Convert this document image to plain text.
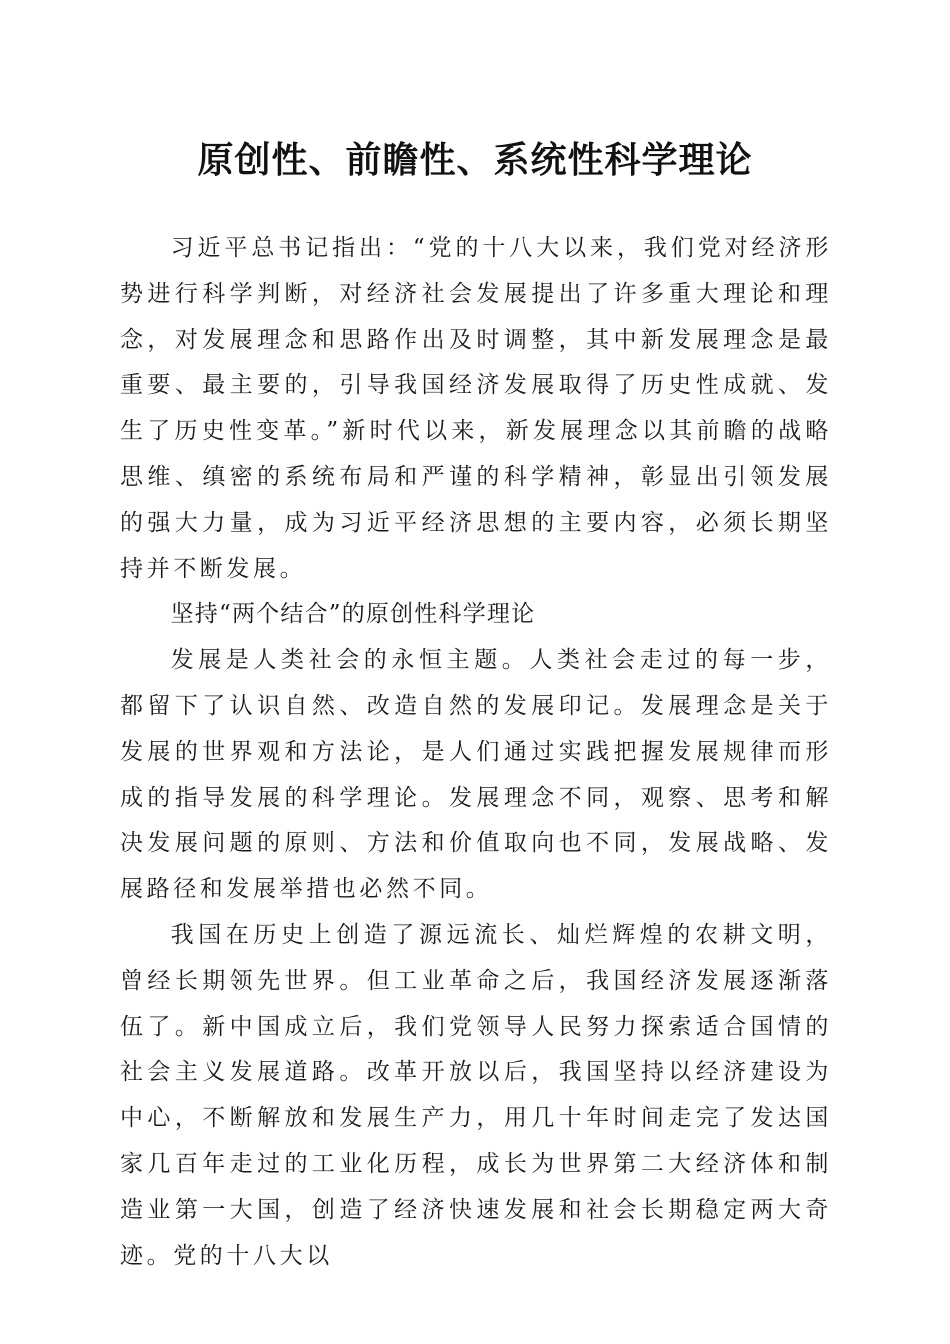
原创性、前瞻性、系统性科学理论

习近平总书记指出：“党的十八大以来，我们党对经济形势进行科学判断，对经济社会发展提出了许多重大理论和理念，对发展理念和思路作出及时调整，其中新发展理念是最重要、最主要的，引导我国经济发展取得了历史性成就、发生了历史性变革。”新时代以来，新发展理念以其前瞻的战略思维、缜密的系统布局和严谨的科学精神，彰显出引领发展的强大力量，成为习近平经济思想的主要内容，必须长期坚持并不断发展。

坚持“两个结合”的原创性科学理论

发展是人类社会的永恒主题。人类社会走过的每一步，都留下了认识自然、改造自然的发展印记。发展理念是关于发展的世界观和方法论，是人们通过实践把握发展规律而形成的指导发展的科学理论。发展理念不同，观察、思考和解决发展问题的原则、方法和价值取向也不同，发展战略、发展路径和发展举措也必然不同。

我国在历史上创造了源远流长、灿烂辉煌的农耕文明，曾经长期领先世界。但工业革命之后，我国经济发展逐渐落伍了。新中国成立后，我们党领导人民努力探索适合国情的社会主义发展道路。改革开放以后，我国坚持以经济建设为中心，不断解放和发展生产力，用几十年时间走完了发达国家几百年走过的工业化历程，成长为世界第二大经济体和制造业第一大国，创造了经济快速发展和社会长期稳定两大奇迹。党的十八大以
